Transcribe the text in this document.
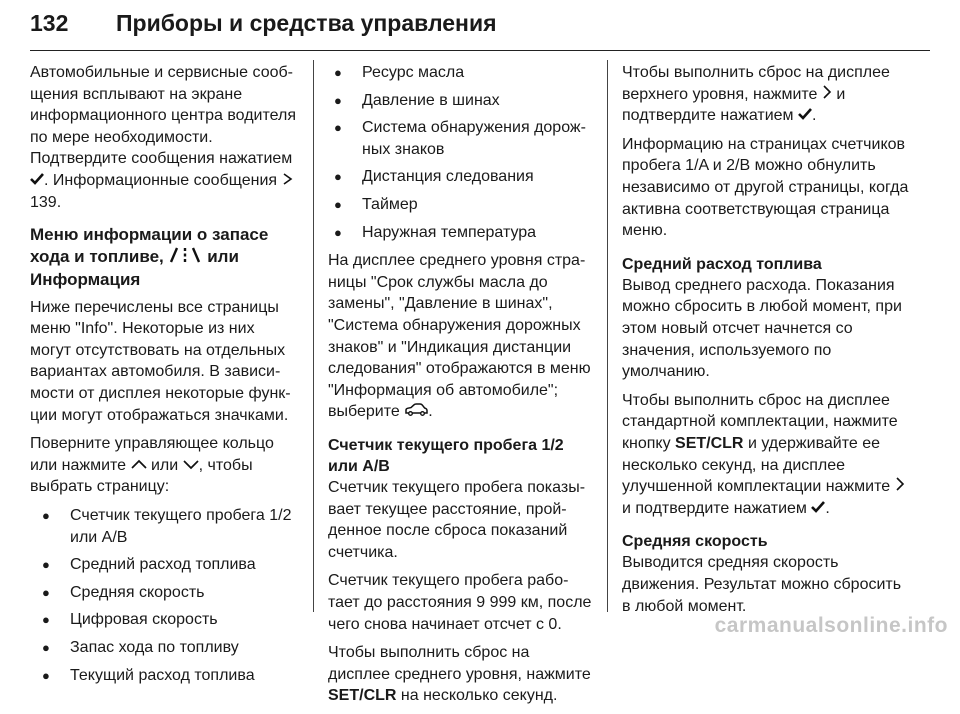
132 Приборы и средства управления

Автомобильные и сервисные сообщения всплывают на экране информационного центра водителя по мере необходимости. Подтвердите сообщения нажатием . Информационные сообщения  139.

Меню информации о запасе хода и топливе,	или Информация

Ниже перечислены все страницы меню "Info". Некоторые из них могут отсутствовать на отдельных вариантах автомобиля. В зависимости от дисплея некоторые функции могут отображаться значками.

Поверните управляющее кольцо или нажмите или , чтобы выбрать страницу:

● Счетчик текущего пробега 1/2 или A/B
● Средний расход топлива
● Средняя скорость
● Цифровая скорость
● Запас хода по топливу
● Текущий расход топлива
● Ресурс масла
● Давление в шинах
● Система обнаружения дорожных знаков
● Дистанция следования
● Таймер
● Наружная температура

На дисплее среднего уровня страницы "Срок службы масла до замены", "Давление в шинах", "Система обнаружения дорожных знаков" и "Индикация дистанции следования" отображаются в меню "Информация об автомобиле"; выберите .

Счетчик текущего пробега 1/2 или A/B

Счетчик текущего пробега показывает текущее расстояние, пройденное после сброса показаний счетчика.

Счетчик текущего пробега работает до расстояния 9 999 км, после чего снова начинает отсчет с 0.

Чтобы выполнить сброс на дисплее среднего уровня, нажмите SET/CLR на несколько секунд.

Чтобы выполнить сброс на дисплее верхнего уровня, нажмите и подтвердите нажатием .

Информацию на страницах счетчиков пробега 1/A и 2/B можно обнулить независимо от другой страницы, когда активна соответствующая страница меню.

Средний расход топлива

Вывод среднего расхода. Показания можно сбросить в любой момент, при этом новый отсчет начнется со значения, используемого по умолчанию.

Чтобы выполнить сброс на дисплее стандартной комплектации, нажмите кнопку SET/CLR и удерживайте ее несколько секунд, на дисплее улучшенной комплектации нажмите  и подтвердите нажатием .

Средняя скорость

Выводится средняя скорость движения. Результат можно сбросить в любой момент.

carmanualsonline.info
